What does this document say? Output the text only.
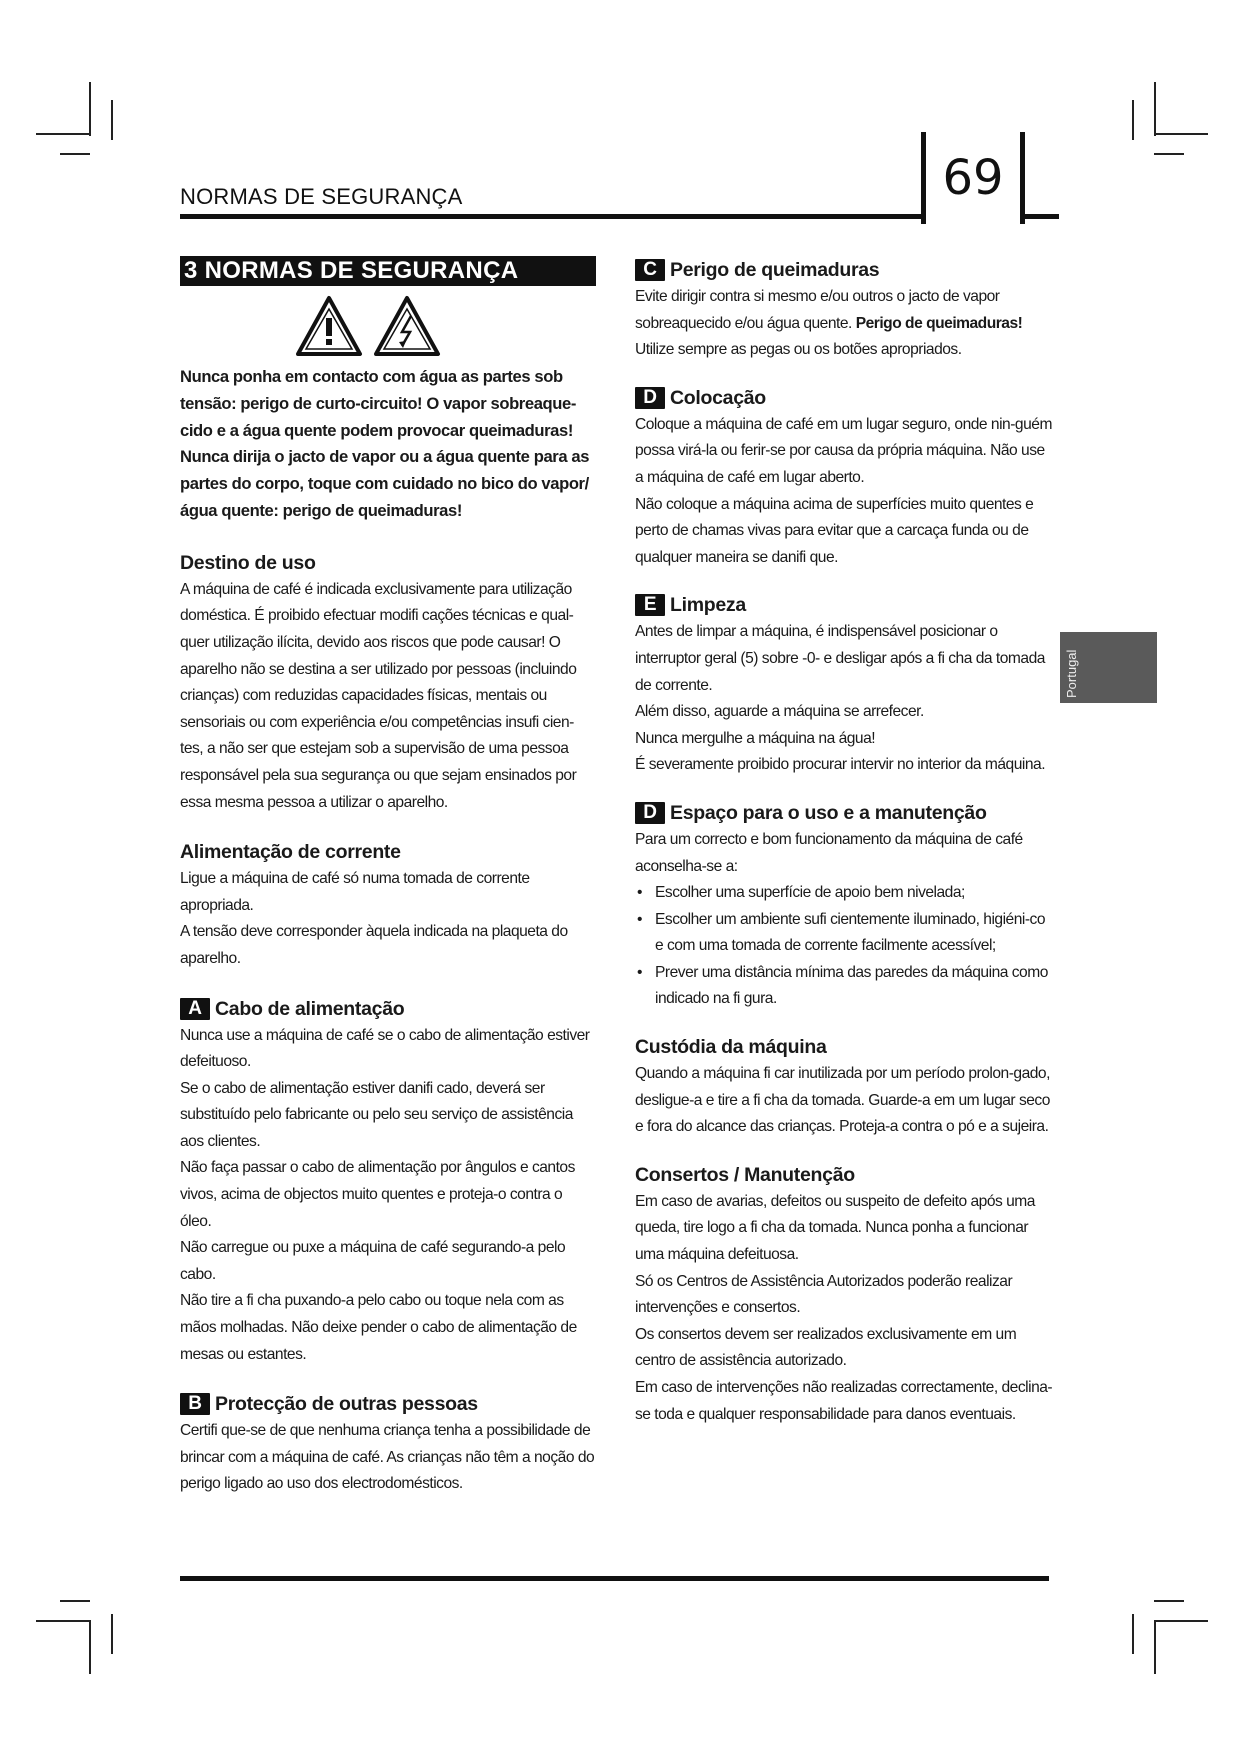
NORMAS DE SEGURANÇA	69
Portugal
3 NORMAS DE SEGURANÇA

Nunca ponha em contacto com água as partes sob tensão: perigo de curto-circuito! O vapor sobreaque-cido e a água quente podem provocar queimaduras! Nunca dirija o jacto de vapor ou a água quente para as partes do corpo, toque com cuidado no bico do vapor/ água quente: perigo de queimaduras!

Destino de uso

A máquina de café é indicada exclusivamente para utilização doméstica. É proibido efectuar modifi cações técnicas e qual-quer utilização ilícita, devido aos riscos que pode causar! O aparelho não se destina a ser utilizado por pessoas (incluindo crianças) com reduzidas capacidades físicas, mentais ou sensoriais ou com experiência e/ou competências insufi cien-tes, a não ser que estejam sob a supervisão de uma pessoa responsável pela sua segurança ou que sejam ensinados por essa mesma pessoa a utilizar o aparelho.

Alimentação de corrente

Ligue a máquina de café só numa tomada de corrente apropriada.

A tensão deve corresponder àquela indicada na plaqueta do aparelho.

A Cabo de alimentação

Nunca use a máquina de café se o cabo de alimentação estiver defeituoso.

Se o cabo de alimentação estiver danifi cado, deverá ser substituído pelo fabricante ou pelo seu serviço de assistência aos clientes.

Não faça passar o cabo de alimentação por ângulos e cantos vivos, acima de objectos muito quentes e proteja-o contra o óleo.

Não carregue ou puxe a máquina de café segurando-a pelo cabo.

Não tire a fi cha puxando-a pelo cabo ou toque nela com as mãos molhadas. Não deixe pender o cabo de alimentação de mesas ou estantes.

B Protecção de outras pessoas

Certifi que-se de que nenhuma criança tenha a possibilidade de brincar com a máquina de café. As crianças não têm a noção do perigo ligado ao uso dos electrodomésticos.

C Perigo de queimaduras

Evite dirigir contra si mesmo e/ou outros o jacto de vapor sobreaquecido e/ou água quente. Perigo de queimaduras!

Utilize sempre as pegas ou os botões apropriados.

D Colocação

Coloque a máquina de café em um lugar seguro, onde nin-guém possa virá-la ou ferir-se por causa da própria máquina. Não use a máquina de café em lugar aberto.

Não coloque a máquina acima de superfícies muito quentes e perto de chamas vivas para evitar que a carcaça funda ou de qualquer maneira se danifi que.

E Limpeza

Antes de limpar a máquina, é indispensável posicionar o interruptor geral (5) sobre -0- e desligar após a fi cha da tomada de corrente.

Além disso, aguarde a máquina se arrefecer.

Nunca mergulhe a máquina na água!

É severamente proibido procurar intervir no interior da máquina.

D Espaço para o uso e a manutenção

Para um correcto e bom funcionamento da máquina de café aconselha-se a:

• Escolher uma superfície de apoio bem nivelada;
• Escolher um ambiente sufi cientemente iluminado, higiéni-co e com uma tomada de corrente facilmente acessível;
• Prever uma distância mínima das paredes da máquina como indicado na fi gura.
Custódia da máquina

Quando a máquina fi car inutilizada por um período prolon-gado, desligue-a e tire a fi cha da tomada. Guarde-a em um lugar seco e fora do alcance das crianças. Proteja-a contra o pó e a sujeira.

Consertos / Manutenção

Em caso de avarias, defeitos ou suspeito de defeito após uma queda, tire logo a fi cha da tomada. Nunca ponha a funcionar uma máquina defeituosa.

Só os Centros de Assistência Autorizados poderão realizar intervenções e consertos.

Os consertos devem ser realizados exclusivamente em um centro de assistência autorizado.

Em caso de intervenções não realizadas correctamente, declina-se toda e qualquer responsabilidade para danos eventuais.
